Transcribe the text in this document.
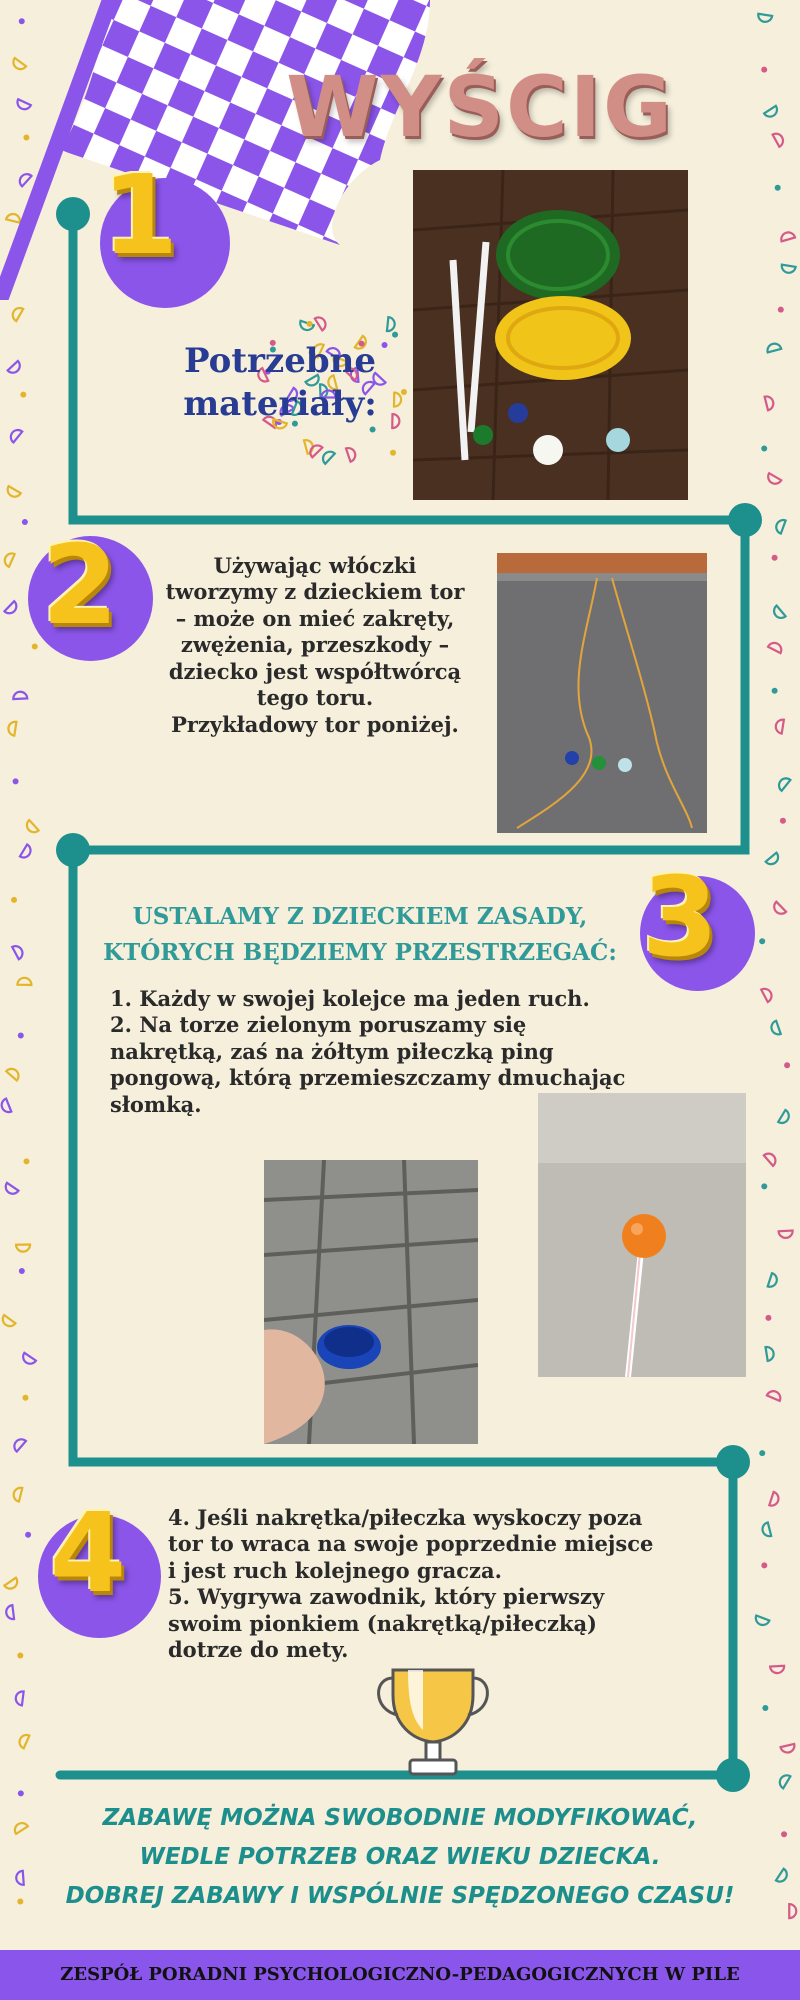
WYŚCIG
1
Potrzebne materiały:
2	Używając włóczki
tworzymy z dzieckiem tor
– może on mieć zakręty,
zwężenia, przeszkody –
dziecko jest współtwórcą
tego toru.
Przykładowy tor poniżej.
3
USTALAMY Z DZIECKIEM ZASADY,
KTÓRYCH BĘDZIEMY PRZESTRZEGAĆ:
1. Każdy w swojej kolejce ma jeden ruch.
2. Na torze zielonym poruszamy się
nakrętką, zaś na żółtym piłeczką ping
pongową, którą przemieszczamy dmuchając
słomką.
4	4. Jeśli nakrętka/piłeczka wyskoczy poza
tor to wraca na swoje poprzednie miejsce
i jest ruch kolejnego gracza.
5. Wygrywa zawodnik, który pierwszy
swoim pionkiem (nakrętką/piłeczką)
dotrze do mety.
ZABAWĘ MOŻNA SWOBODNIE MODYFIKOWAĆ,
WEDLE POTRZEB ORAZ WIEKU DZIECKA.
DOBREJ ZABAWY I WSPÓLNIE SPĘDZONEGO CZASU!
ZESPÓŁ PORADNI PSYCHOLOGICZNO-PEDAGOGICZNYCH W PILE
